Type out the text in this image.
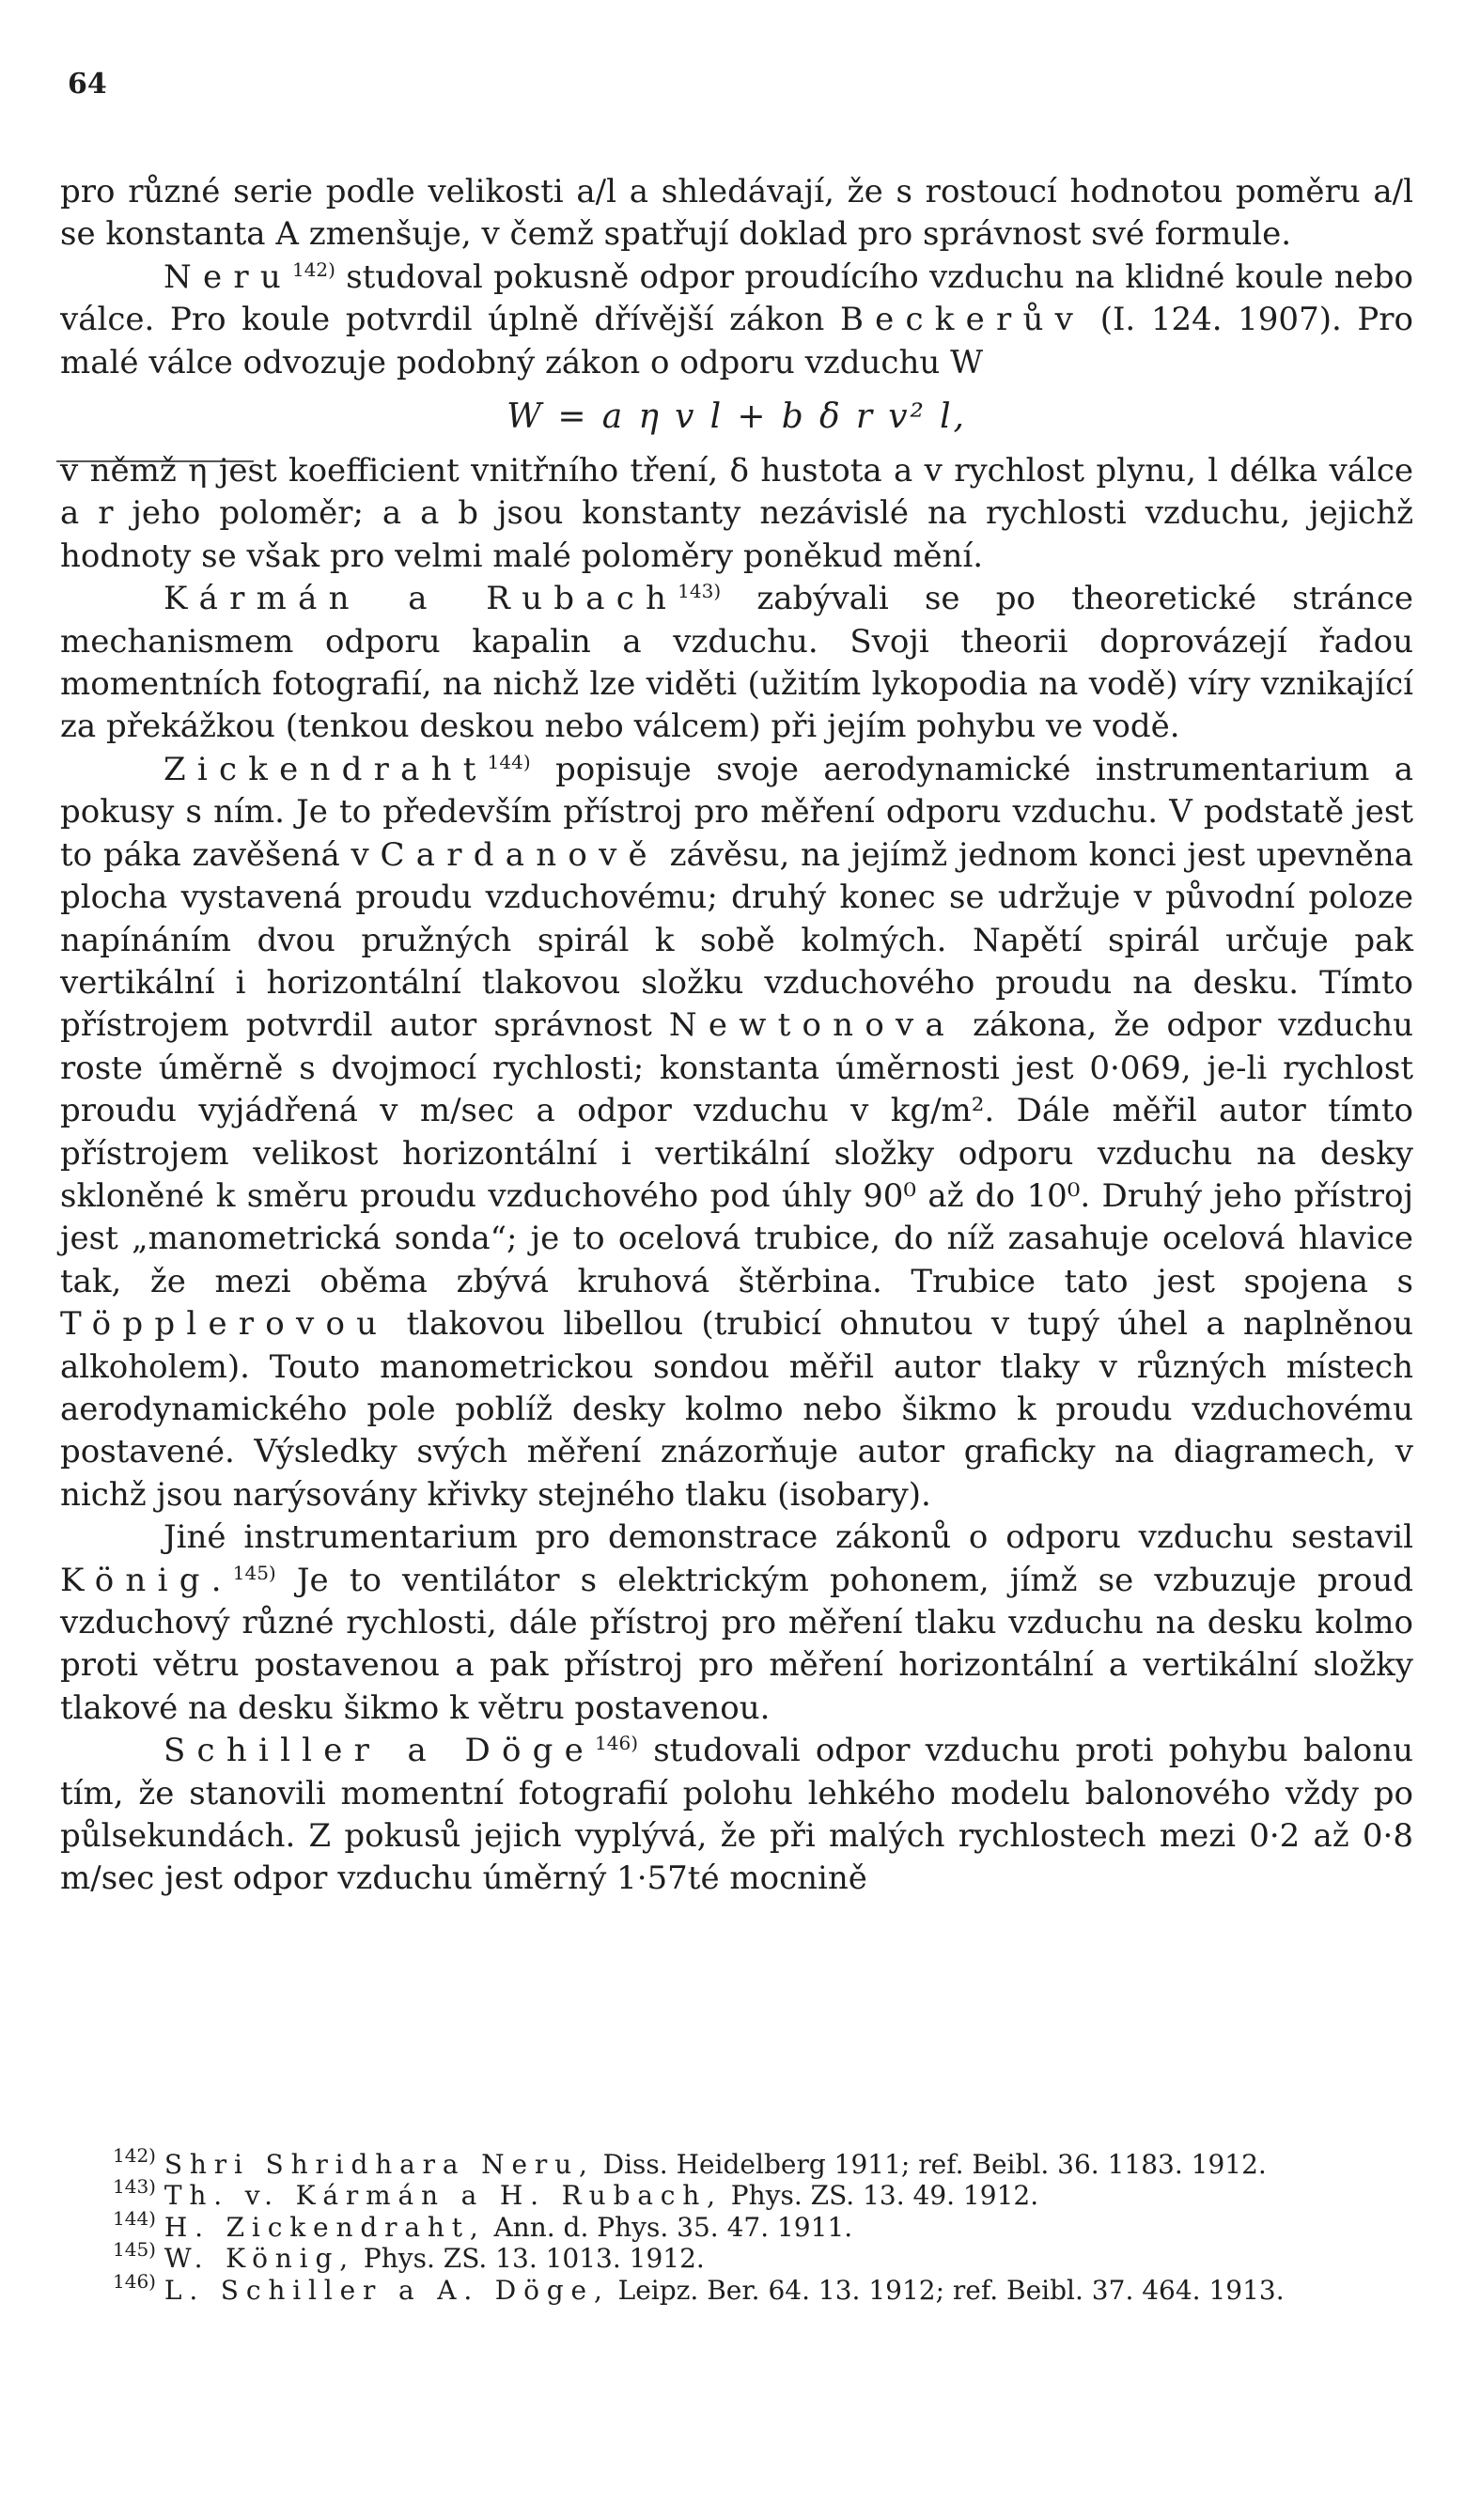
64

pro různé serie podle velikosti a/l a shledávají, že s rostoucí hodnotou poměru a/l se konstanta A zmenšuje, v čemž spatřují doklad pro správnost své formule.

Neru$^{142)}$ studoval pokusně odpor proudícího vzduchu na klidné koule nebo válce. Pro koule potvrdil úplně dřívější zákon Beckerův (I. 124. 1907). Pro malé válce odvozuje podobný zákon o odporu vzduchu W

W = a η v l + b δ r v² l,

v němž η jest koefficient vnitřního tření, δ hustota a v rychlost plynu, l délka válce a r jeho poloměr; a a b jsou konstanty nezávislé na rychlosti vzduchu, jejichž hodnoty se však pro velmi malé poloměry poněkud mění.

Kármán a Rubach$^{143)}$ zabývali se po theoretické stránce mechanismem odporu kapalin a vzduchu. Svoji theorii doprovázejí řadou momentních fotografií, na nichž lze viděti (užitím lykopodia na vodě) víry vznikající za překážkou (tenkou deskou nebo válcem) při jejím pohybu ve vodě.

Zickendraht$^{144)}$ popisuje svoje aerodynamické instrumentarium a pokusy s ním. Je to především přístroj pro měření odporu vzduchu. V podstatě jest to páka zavěšená v Cardanově závěsu, na jejímž jednom konci jest upevněna plocha vystavená proudu vzduchovému; druhý konec se udržuje v původní poloze napínáním dvou pružných spirál k sobě kolmých. Napětí spirál určuje pak vertikální i horizontální tlakovou složku vzduchového proudu na desku. Tímto přístrojem potvrdil autor správnost Newtonova zákona, že odpor vzduchu roste úměrně s dvojmocí rychlosti; konstanta úměrnosti jest 0·069, je-li rychlost proudu vyjádřená v m/sec a odpor vzduchu v kg/m². Dále měřil autor tímto přístrojem velikost horizontální i vertikální složky odporu vzduchu na desky skloněné k směru proudu vzduchového pod úhly 90⁰ až do 10⁰. Druhý jeho přístroj jest „manometrická sonda“; je to ocelová trubice, do níž zasahuje ocelová hlavice tak, že mezi oběma zbývá kruhová štěrbina. Trubice tato jest spojena s Töpplerovou tlakovou libellou (trubicí ohnutou v tupý úhel a naplněnou alkoholem). Touto manometrickou sondou měřil autor tlaky v různých místech aerodynamického pole poblíž desky kolmo nebo šikmo k proudu vzduchovému postavené. Výsledky svých měření znázorňuje autor graficky na diagramech, v nichž jsou narýsovány křivky stejného tlaku (isobary).

Jiné instrumentarium pro demonstrace zákonů o odporu vzduchu sestavil König.$^{145)}$ Je to ventilátor s elektrickým pohonem, jímž se vzbuzuje proud vzduchový různé rychlosti, dále přístroj pro měření tlaku vzduchu na desku kolmo proti větru postavenou a pak přístroj pro měření horizontální a vertikální složky tlakové na desku šikmo k větru postavenou.

Schiller a Döge$^{146)}$ studovali odpor vzduchu proti pohybu balonu tím, že stanovili momentní fotografií polohu lehkého modelu balonového vždy po půlsekundách. Z pokusů jejich vyplývá, že při malých rychlostech mezi 0·2 až 0·8 m/sec jest odpor vzduchu úměrný 1·57té mocnině

$^{142)}$ Shri Shridhara Neru, Diss. Heidelberg 1911; ref. Beibl. 36. 1183. 1912.

$^{143)}$ Th. v. Kármán a H. Rubach, Phys. ZS. 13. 49. 1912.

$^{144)}$ H. Zickendraht, Ann. d. Phys. 35. 47. 1911.

$^{145)}$ W. König, Phys. ZS. 13. 1013. 1912.

$^{146)}$ L. Schiller a A. Döge, Leipz. Ber. 64. 13. 1912; ref. Beibl. 37. 464. 1913.
